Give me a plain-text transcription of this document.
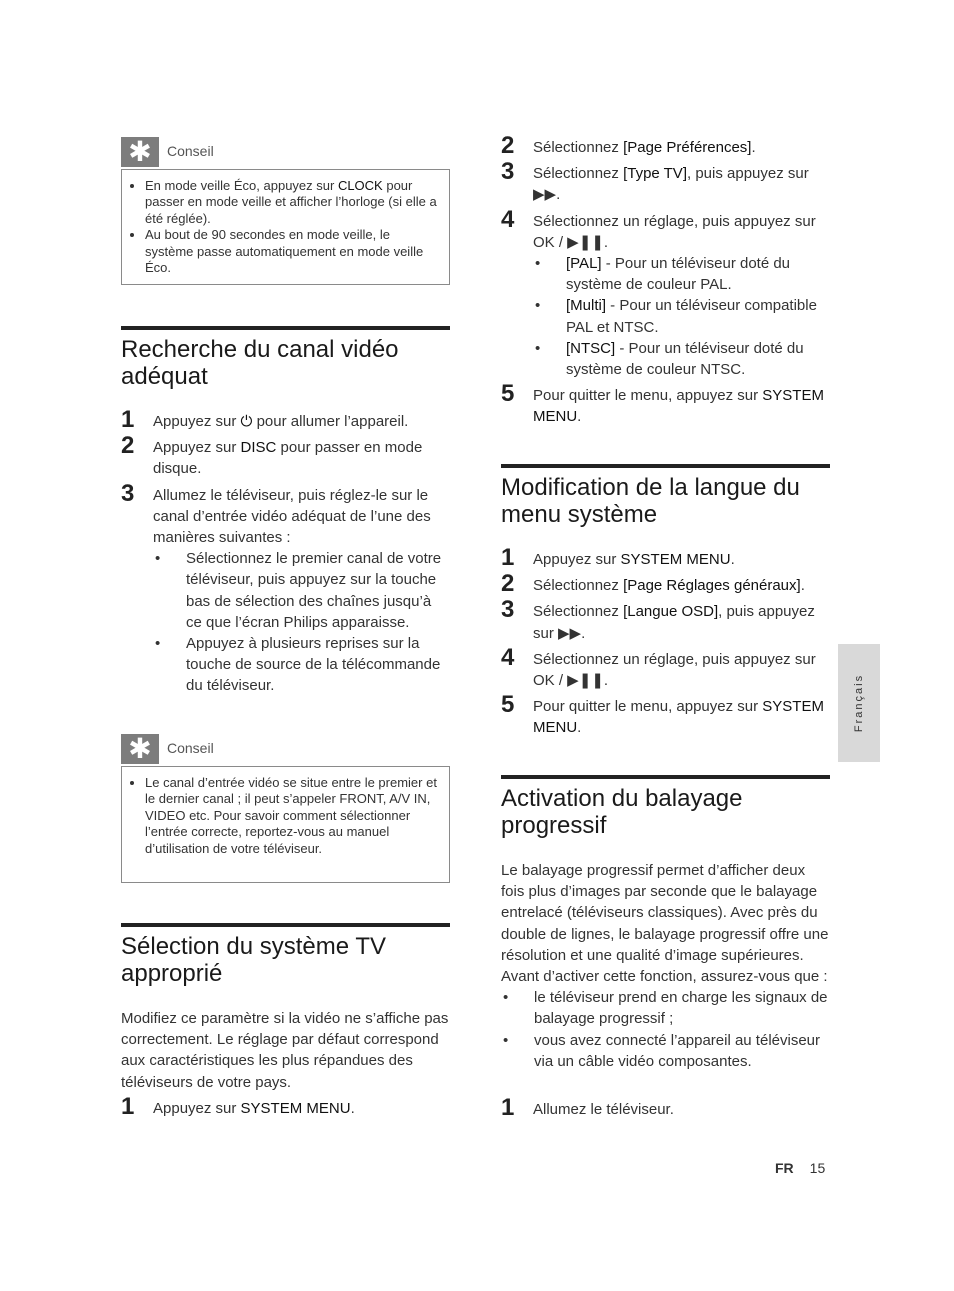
✱	Conseil
• En mode veille Éco, appuyez sur CLOCK pour passer en mode veille et afficher l’horloge (si elle a été réglée).
• Au bout de 90 secondes en mode veille, le système passe automatiquement en mode veille Éco.
Recherche du canal vidéo adéquat
1 Appuyez sur ⏻ pour allumer l’appareil.
2 Appuyez sur DISC pour passer en mode disque.
3 Allumez le téléviseur, puis réglez-le sur le canal d’entrée vidéo adéquat de l’une des manières suivantes :
• Sélectionnez le premier canal de votre téléviseur, puis appuyez sur la touche bas de sélection des chaînes jusqu’à ce que l’écran Philips apparaisse.
• Appuyez à plusieurs reprises sur la touche de source de la télécommande du téléviseur.
✱	Conseil
• Le canal d’entrée vidéo se situe entre le premier et le dernier canal ; il peut s’appeler FRONT, A/V IN, VIDEO etc. Pour savoir comment sélectionner l’entrée correcte, reportez-vous au manuel d’utilisation de votre téléviseur.
Sélection du système TV approprié
Modifiez ce paramètre si la vidéo ne s’affiche pas correctement. Le réglage par défaut correspond aux caractéristiques les plus répandues des téléviseurs de votre pays.
1 Appuyez sur SYSTEM MENU.
2 Sélectionnez [Page Préférences].
3 Sélectionnez [Type TV], puis appuyez sur ▶▶.
4 Sélectionnez un réglage, puis appuyez sur OK / ▶❚❚.
• [PAL] - Pour un téléviseur doté du système de couleur PAL.
• [Multi] - Pour un téléviseur compatible PAL et NTSC.
• [NTSC] - Pour un téléviseur doté du système de couleur NTSC.
5 Pour quitter le menu, appuyez sur SYSTEM MENU.
Modification de la langue du menu système
1 Appuyez sur SYSTEM MENU.
2 Sélectionnez [Page Réglages généraux].
3 Sélectionnez [Langue OSD], puis appuyez sur ▶▶.
4 Sélectionnez un réglage, puis appuyez sur OK / ▶❚❚.
5 Pour quitter le menu, appuyez sur SYSTEM MENU.
Activation du balayage progressif
Le balayage progressif permet d’afficher deux fois plus d’images par seconde que le balayage entrelacé (téléviseurs classiques). Avec près du double de lignes, le balayage progressif offre une résolution et une qualité d’image supérieures. Avant d’activer cette fonction, assurez-vous que :
• le téléviseur prend en charge les signaux de balayage progressif ;
• vous avez connecté l’appareil au téléviseur via un câble vidéo composantes.
1 Allumez le téléviseur.
Français
FR 15
